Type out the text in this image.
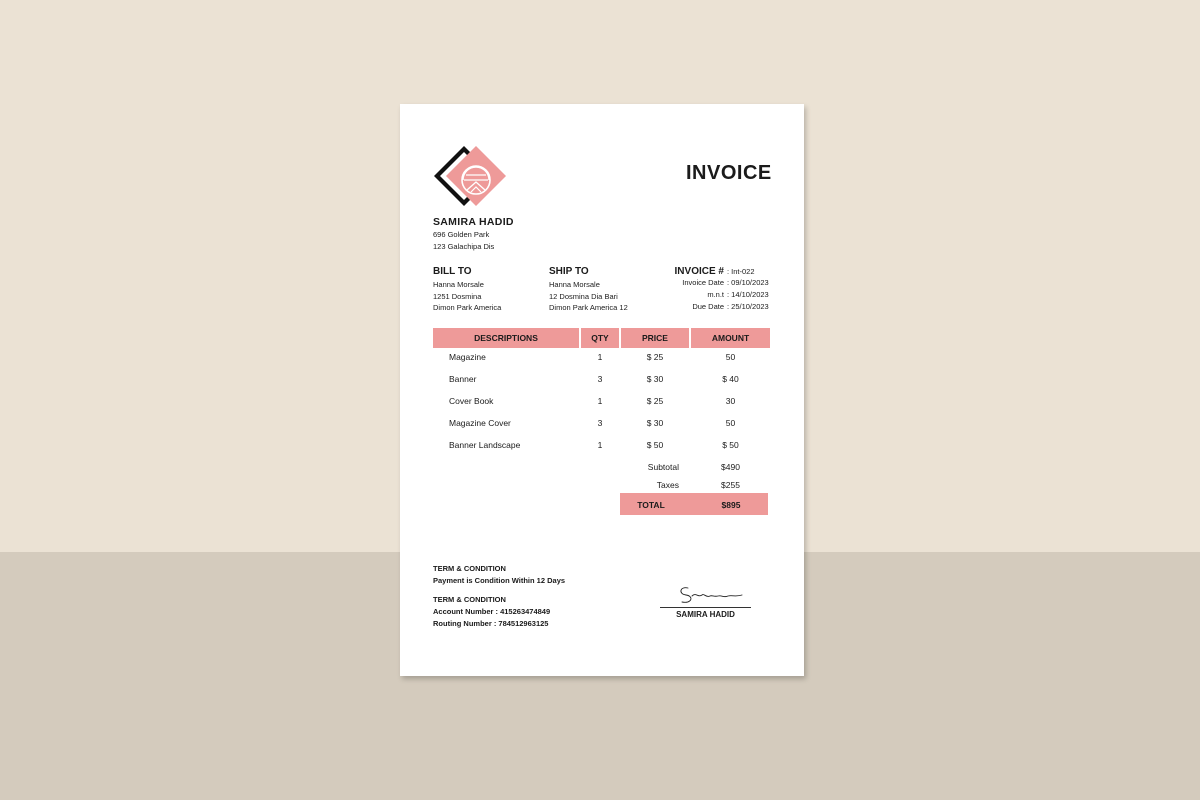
INVOICE
SAMIRA HADID
696 Golden Park
123 Galachipa Dis
BILL TO
Hanna Morsale
1251 Dosmina
Dimon Park America
SHIP TO
Hanna Morsale
12 Dosmina Dia Bari
Dimon Park America 12
INVOICE # : Int-022
Invoice Date : 09/10/2023
m.n.t : 14/10/2023
Due Date : 25/10/2023
DESCRIPTIONS	QTY	PRICE	AMOUNT
Magazine	1	$ 25	50
Banner	3	$ 30	$ 40
Cover Book	1	$ 25	30
Magazine Cover	3	$ 30	50
Banner Landscape	1	$ 50	$ 50
Subtotal	$490
Taxes	$255
TOTAL	$895
TERM & CONDITION
Payment is Condition Within 12 Days
TERM & CONDITION
Account Number : 415263474849
Routing Number : 784512963125
SAMIRA HADID
